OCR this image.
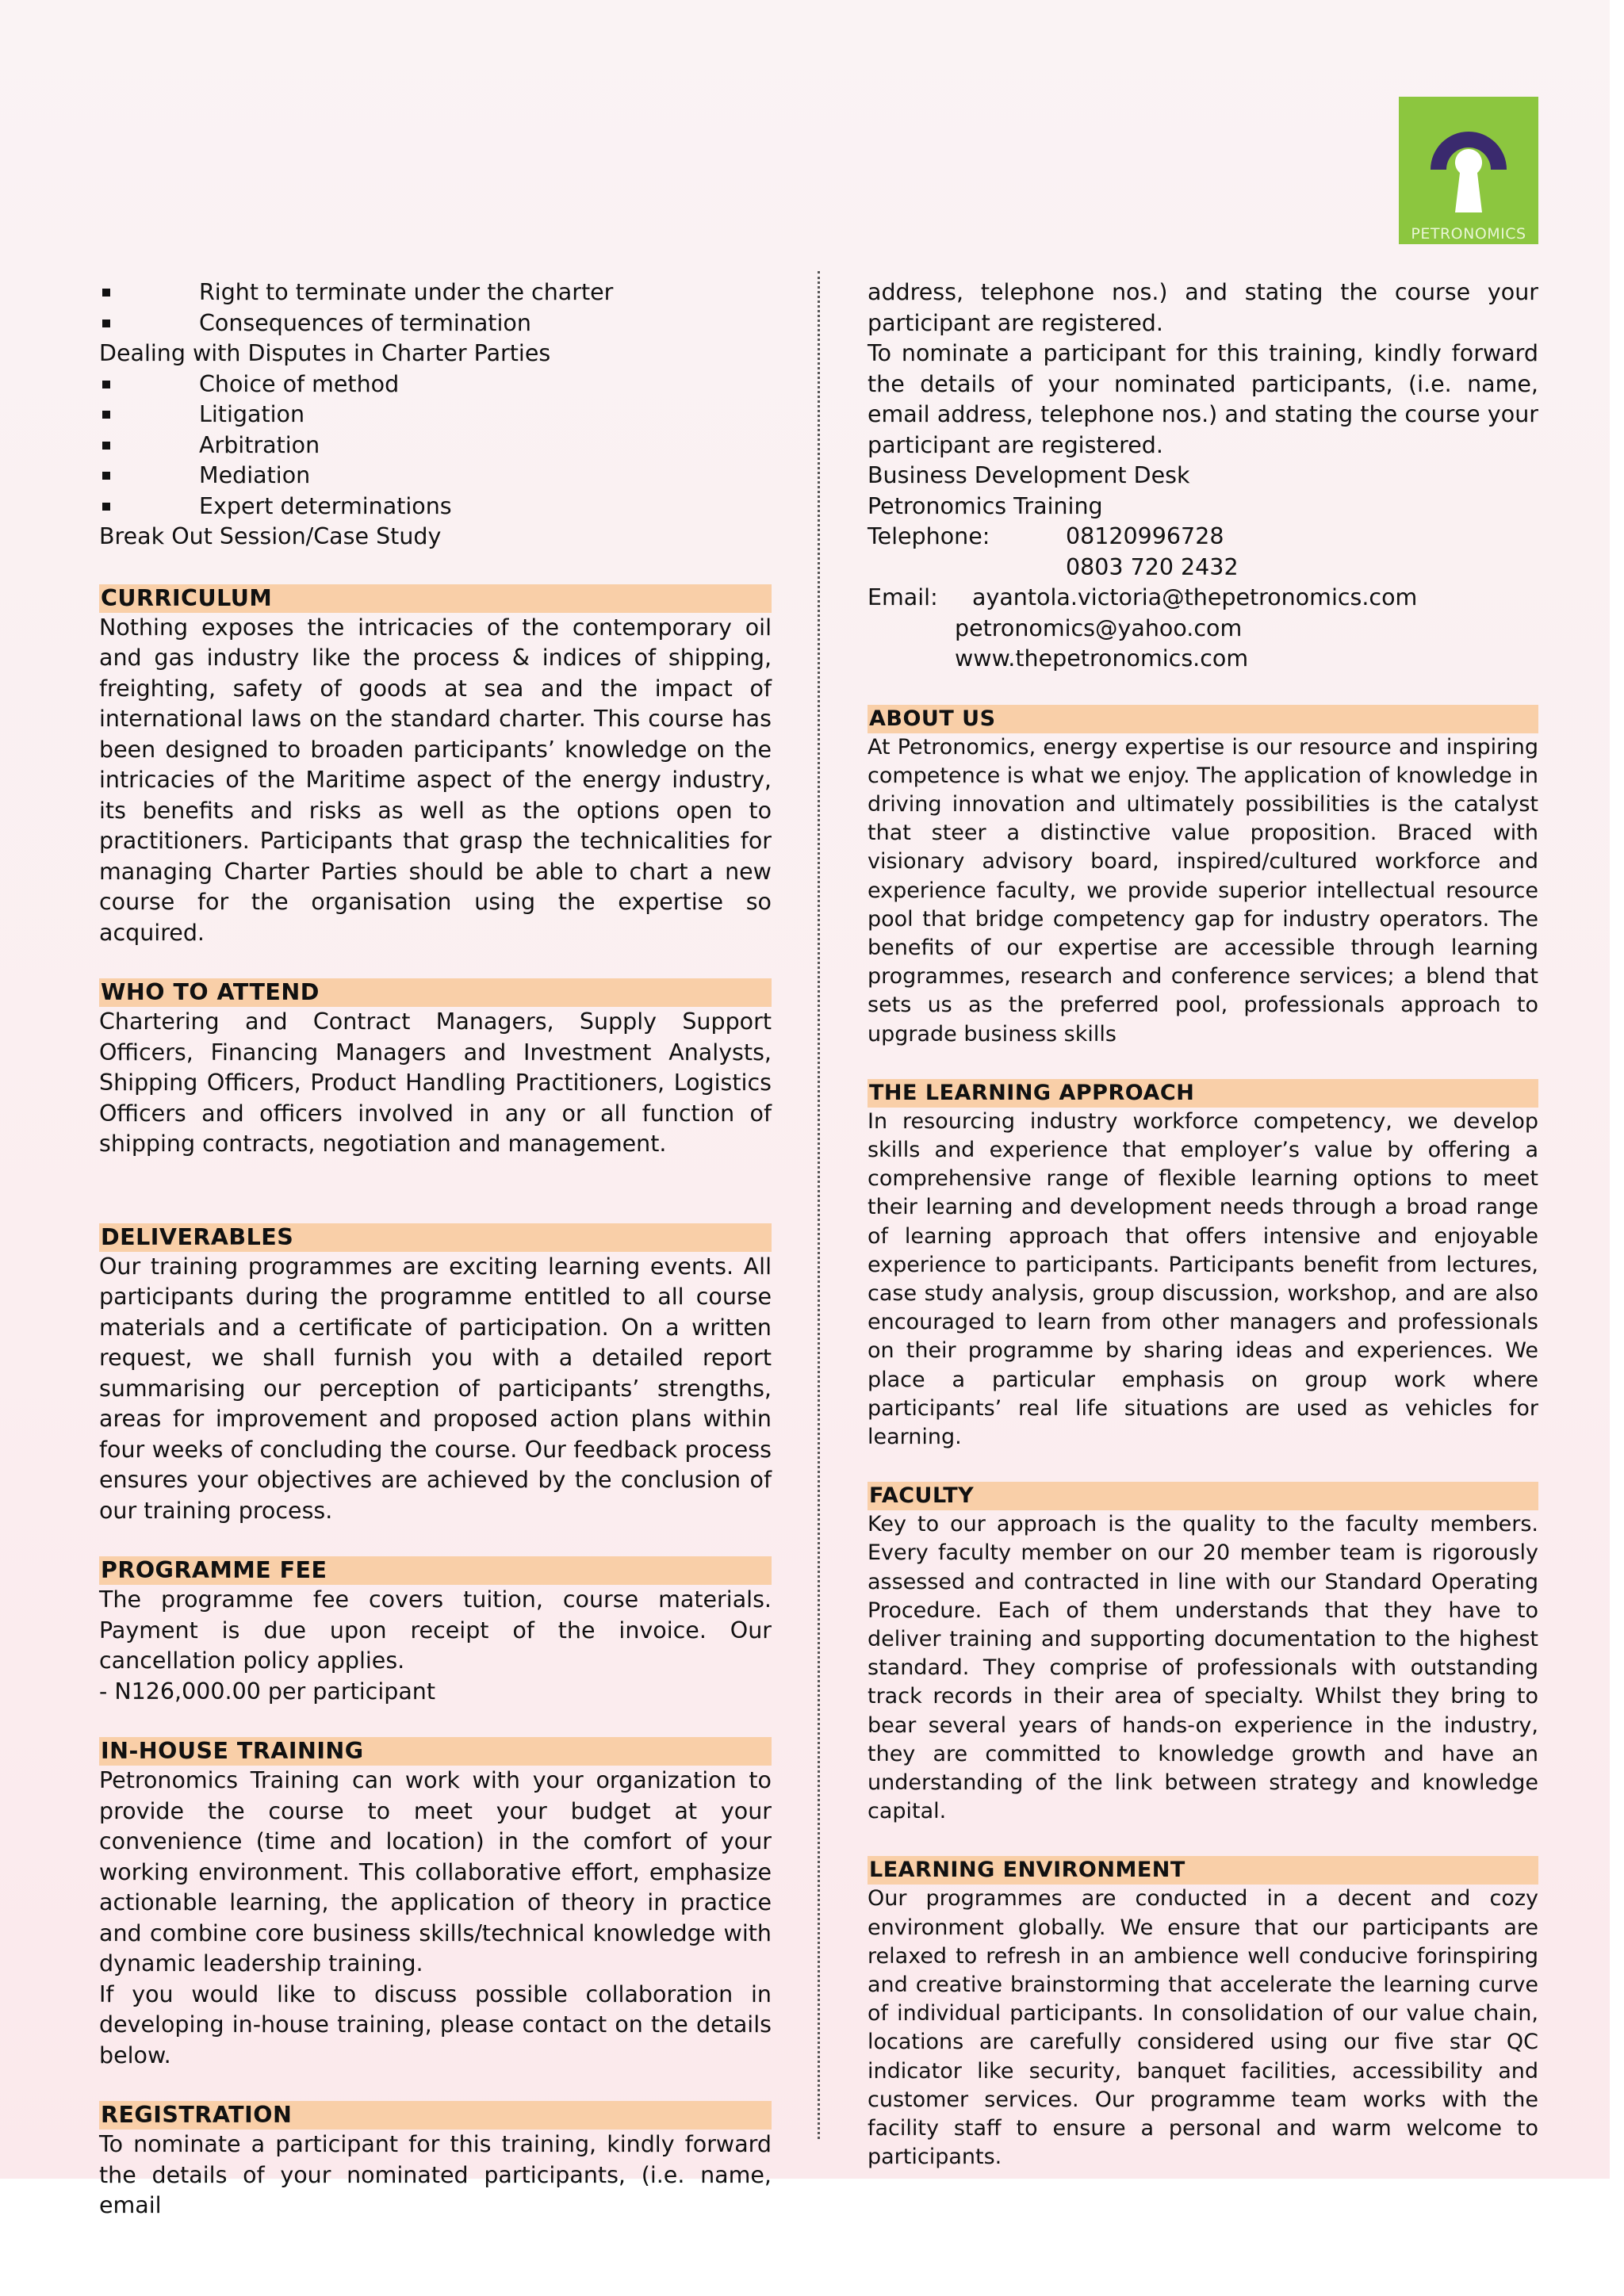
PETRONOMICS
Right to terminate under the charter
Consequences of termination

Dealing with Disputes in Charter Parties

Choice of method
Litigation
Arbitration
Mediation
Expert determinations

Break Out Session/Case Study

CURRICULUM

Nothing exposes the intricacies of the contemporary oil and gas industry like the process & indices of shipping, freighting, safety of goods at sea and the impact of international laws on the standard charter. This course has been designed to broaden participants’ knowledge on the intricacies of the Maritime aspect of the energy industry, its benefits and risks as well as the options open to practitioners. Participants that grasp the technicalities for managing Charter Parties should be able to chart a new course for the organisation using the expertise so acquired.

WHO TO ATTEND

Chartering and Contract Managers, Supply Support Officers, Financing Managers and Investment Analysts, Shipping Officers, Product Handling Practitioners, Logistics Officers and officers involved in any or all function of shipping contracts, negotiation and management.

DELIVERABLES

Our training programmes are exciting learning events. All participants during the programme entitled to all course materials and a certificate of participation. On a written request, we shall furnish you with a detailed report summarising our perception of participants’ strengths, areas for improvement and proposed action plans within four weeks of concluding the course. Our feedback process ensures your objectives are achieved by the conclusion of our training process.

PROGRAMME FEE

The programme fee covers tuition, course materials. Payment is due upon receipt of the invoice. Our cancellation policy applies.

- N126,000.00 per participant

IN-HOUSE TRAINING

Petronomics Training can work with your organization to provide the course to meet your budget at your convenience (time and location) in the comfort of your working environment. This collaborative effort, emphasize actionable learning, the application of theory in practice and combine core business skills/technical knowledge with dynamic leadership training.

If you would like to discuss possible collaboration in developing in-house training, please contact on the details below.

REGISTRATION

To nominate a participant for this training, kindly forward the details of your nominated participants, (i.e. name, email

address, telephone nos.) and stating the course your participant are registered.

To nominate a participant for this training, kindly forward the details of your nominated participants, (i.e. name, email address, telephone nos.) and stating the course your participant are registered.

Business Development Desk

Petronomics Training

Telephone:	08120996728

0803 720 2432

Email:	ayantola.victoria@thepetronomics.com

petronomics@yahoo.com

www.thepetronomics.com

ABOUT US

At Petronomics, energy expertise is our resource and inspiring competence is what we enjoy. The application of knowledge in driving innovation and ultimately possibilities is the catalyst that steer a distinctive value proposition. Braced with visionary advisory board, inspired/cultured workforce and experience faculty, we provide superior intellectual resource pool that bridge competency gap for industry operators. The benefits of our expertise are accessible through learning programmes, research and conference services; a blend that sets us as the preferred pool, professionals approach to upgrade business skills

THE LEARNING APPROACH

In resourcing industry workforce competency, we develop skills and experience that employer’s value by offering a comprehensive range of flexible learning options to meet their learning and development needs through a broad range of learning approach that offers intensive and enjoyable experience to participants. Participants benefit from lectures, case study analysis, group discussion, workshop, and are also encouraged to learn from other managers and professionals on their programme by sharing ideas and experiences. We place a particular emphasis on group work where participants’ real life situations are used as vehicles for learning.

FACULTY

Key to our approach is the quality to the faculty members. Every faculty member on our 20 member team is rigorously assessed and contracted in line with our Standard Operating Procedure. Each of them understands that they have to deliver training and supporting documentation to the highest standard. They comprise of professionals with outstanding track records in their area of specialty. Whilst they bring to bear several years of hands-on experience in the industry, they are committed to knowledge growth and have an understanding of the link between strategy and knowledge capital.

LEARNING ENVIRONMENT

Our programmes are conducted in a decent and cozy environment globally. We ensure that our participants are relaxed to refresh in an ambience well conducive forinspiring and creative brainstorming that accelerate the learning curve of individual participants. In consolidation of our value chain, locations are carefully considered using our five star QC indicator like security, banquet facilities, accessibility and customer services. Our programme team works with the facility staff to ensure a personal and warm welcome to participants.
